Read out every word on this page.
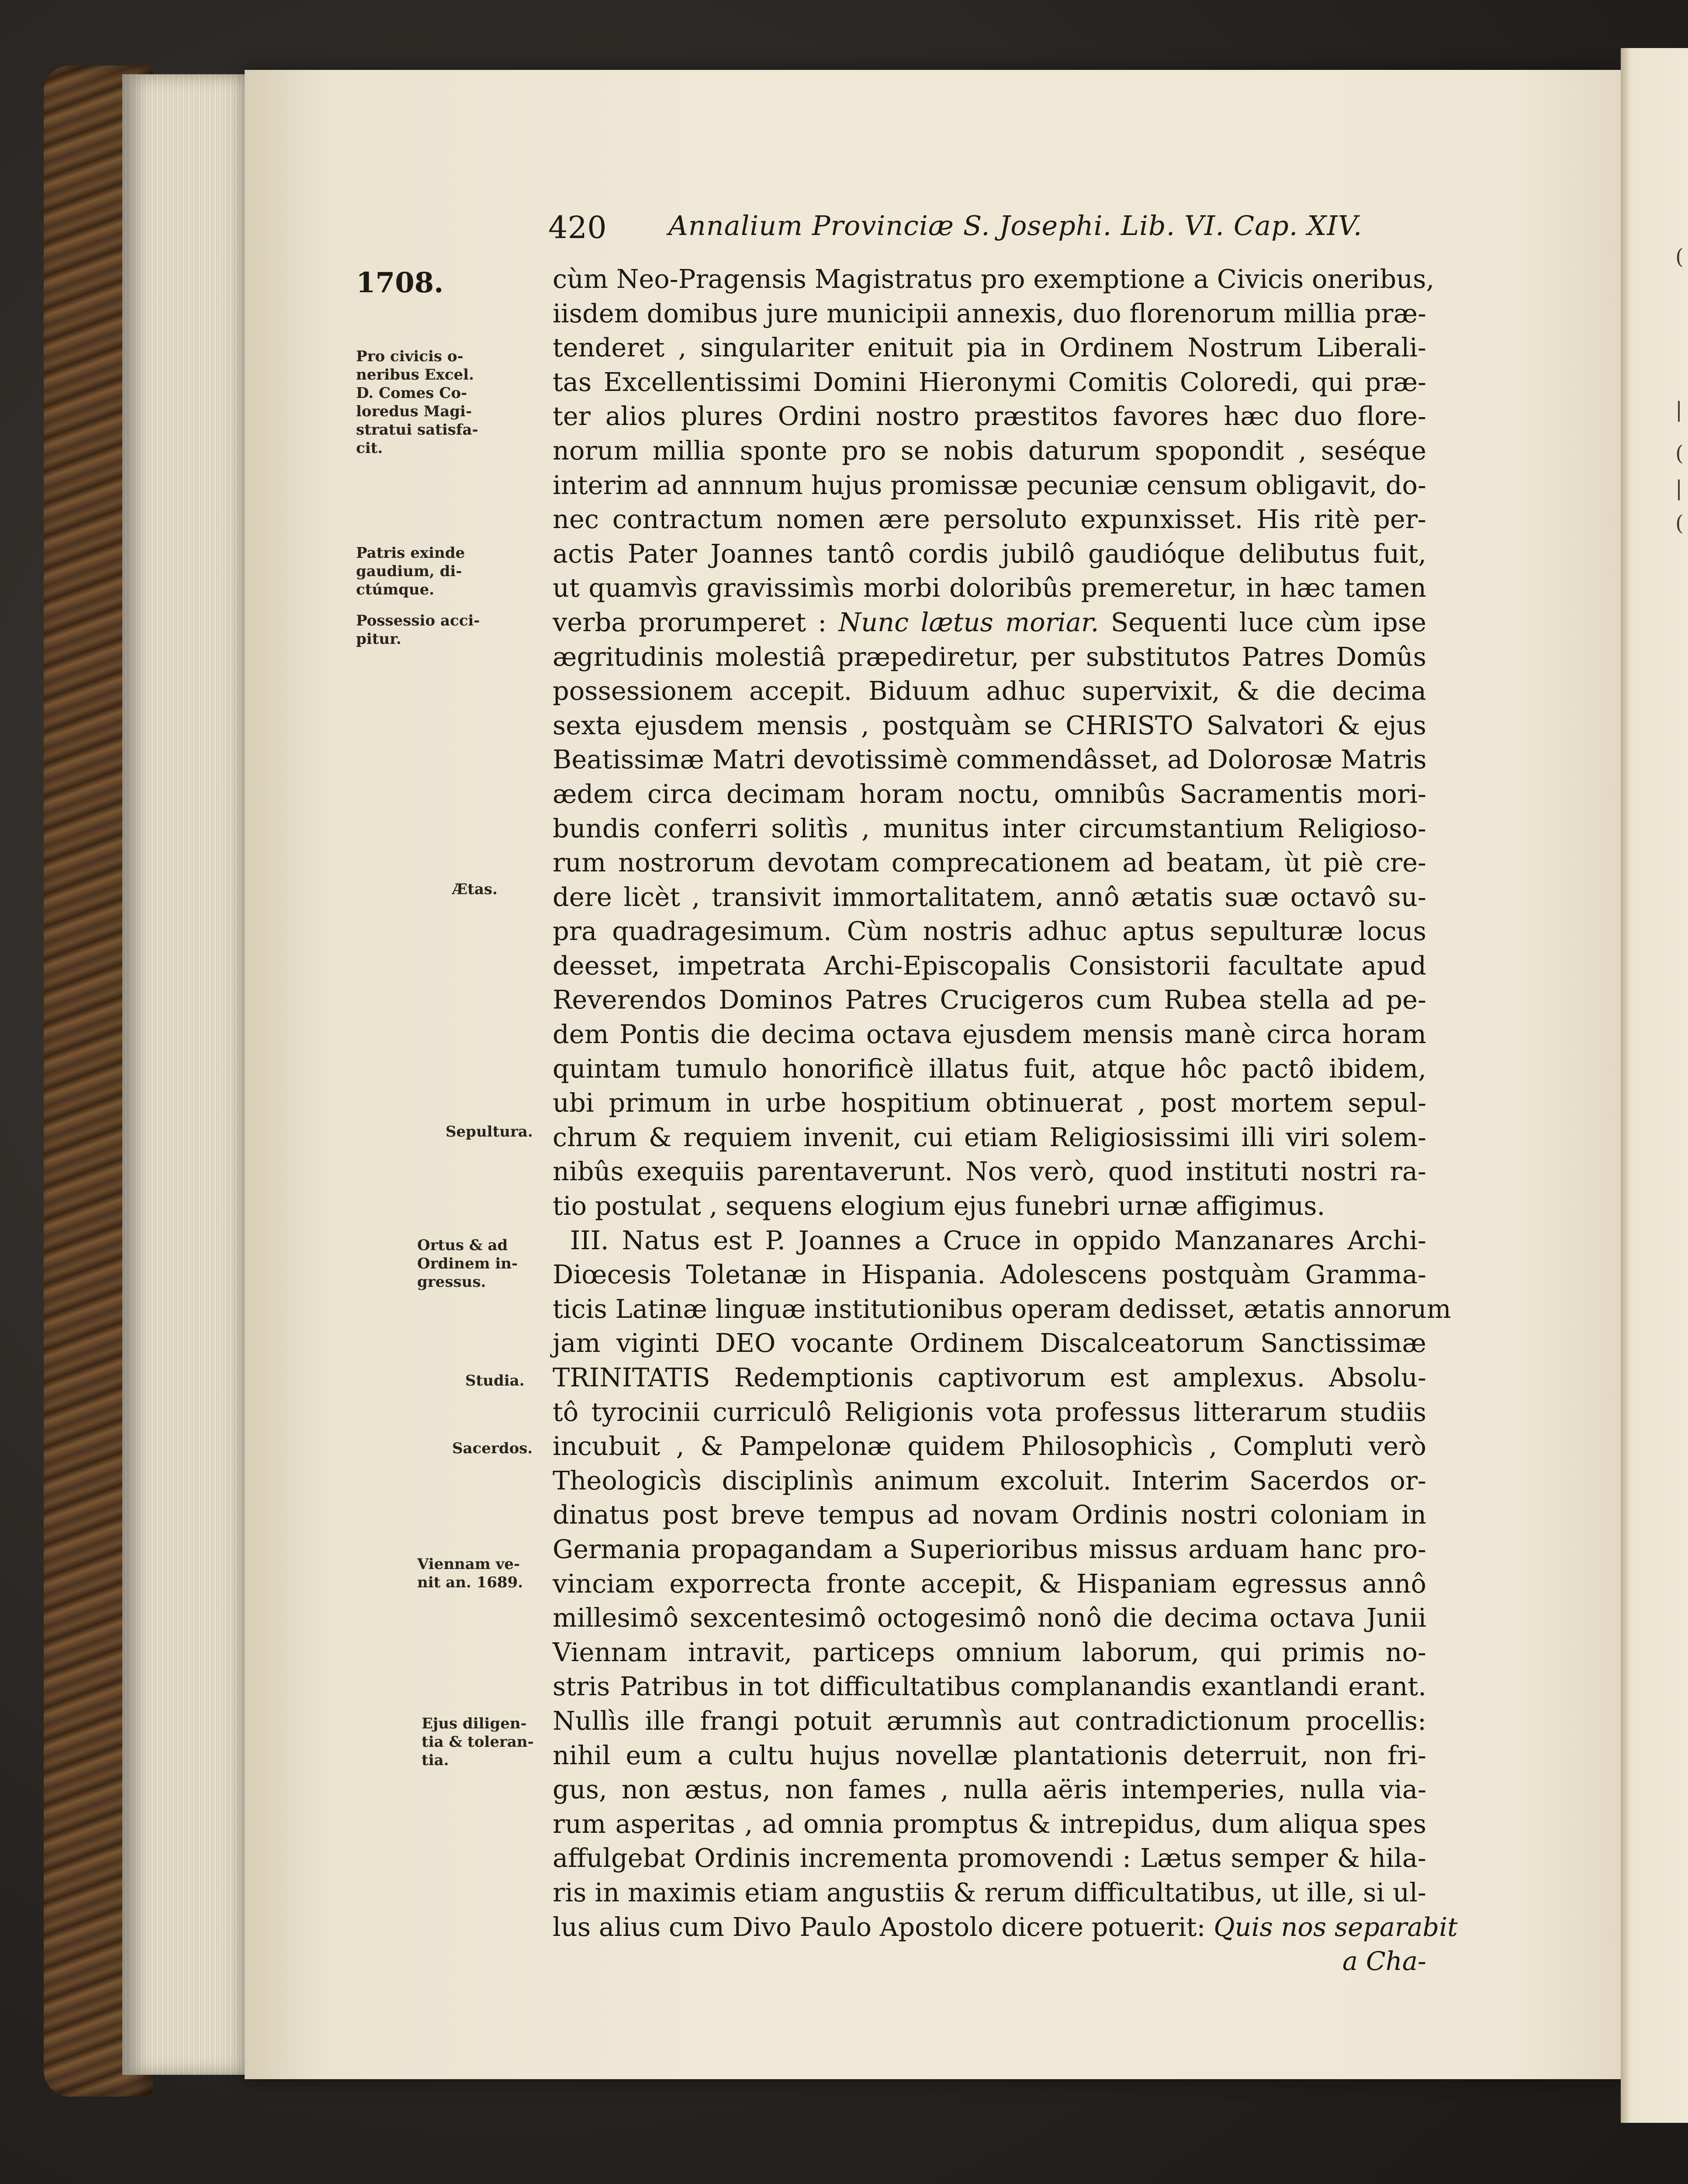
(
|
(
|
(
420 Annalium Provinciæ S. Josephi. Lib. VI. Cap. XIV.
1708.
Pro civicis o-
neribus Excel.
D. Comes Co-
loredus Magi-
stratui satisfa-
cit.
Patris exinde
gaudium, di-
ctúmque.
Possessio acci-
pitur.
Ætas.
Sepultura.
Ortus & ad
Ordinem in-
gressus.
Studia.
Sacerdos.
Viennam ve-
nit an. 1689.
Ejus diligen-
tia & toleran-
tia.
cùm Neo-Pragensis Magistratus pro exemptione a Civicis oneribus,
iisdem domibus jure municipii annexis, duo florenorum millia præ-
tenderet , singulariter enituit pia in Ordinem Nostrum Liberali-
tas Excellentissimi Domini Hieronymi Comitis Coloredi, qui præ-
ter alios plures Ordini nostro præstitos favores hæc duo flore-
norum millia sponte pro se nobis daturum spopondit , seséque
interim ad annnum hujus promissæ pecuniæ censum obligavit, do-
nec contractum nomen ære persoluto expunxisset. His ritè per-
actis Pater Joannes tantô cordis jubilô gaudióque delibutus fuit,
ut quamvìs gravissimìs morbi doloribûs premeretur, in hæc tamen
verba prorumperet : Nunc lætus moriar. Sequenti luce cùm ipse
ægritudinis molestiâ præpediretur, per substitutos Patres Domûs
possessionem accepit. Biduum adhuc supervixit, & die decima
sexta ejusdem mensis , postquàm se CHRISTO Salvatori & ejus
Beatissimæ Matri devotissimè commendâsset, ad Dolorosæ Matris
ædem circa decimam horam noctu, omnibûs Sacramentis mori-
bundis conferri solitìs , munitus inter circumstantium Religioso-
rum nostrorum devotam comprecationem ad beatam, ùt piè cre-
dere licèt , transivit immortalitatem, annô ætatis suæ octavô su-
pra quadragesimum. Cùm nostris adhuc aptus sepulturæ locus
deesset, impetrata Archi-Episcopalis Consistorii facultate apud
Reverendos Dominos Patres Crucigeros cum Rubea stella ad pe-
dem Pontis die decima octava ejusdem mensis manè circa horam
quintam tumulo honorificè illatus fuit, atque hôc pactô ibidem,
ubi primum in urbe hospitium obtinuerat , post mortem sepul-
chrum & requiem invenit, cui etiam Religiosissimi illi viri solem-
nibûs exequiis parentaverunt. Nos verò, quod instituti nostri ra-
tio postulat , sequens elogium ejus funebri urnæ affigimus.
III. Natus est P. Joannes a Cruce in oppido Manzanares Archi-
Diœcesis Toletanæ in Hispania. Adolescens postquàm Gramma-
ticis Latinæ linguæ institutionibus operam dedisset, ætatis annorum
jam viginti DEO vocante Ordinem Discalceatorum Sanctissimæ
TRINITATIS Redemptionis captivorum est amplexus. Absolu-
tô tyrocinii curriculô Religionis vota professus litterarum studiis
incubuit , & Pampelonæ quidem Philosophicìs , Compluti verò
Theologicìs disciplinìs animum excoluit. Interim Sacerdos or-
dinatus post breve tempus ad novam Ordinis nostri coloniam in
Germania propagandam a Superioribus missus arduam hanc pro-
vinciam exporrecta fronte accepit, & Hispaniam egressus annô
millesimô sexcentesimô octogesimô nonô die decima octava Junii
Viennam intravit, particeps omnium laborum, qui primis no-
stris Patribus in tot difficultatibus complanandis exantlandi erant.
Nullìs ille frangi potuit ærumnìs aut contradictionum procellis:
nihil eum a cultu hujus novellæ plantationis deterruit, non fri-
gus, non æstus, non fames , nulla aëris intemperies, nulla via-
rum asperitas , ad omnia promptus & intrepidus, dum aliqua spes
affulgebat Ordinis incrementa promovendi : Lætus semper & hila-
ris in maximis etiam angustiis & rerum difficultatibus, ut ille, si ul-
lus alius cum Divo Paulo Apostolo dicere potuerit: Quis nos separabit
a Cha-
